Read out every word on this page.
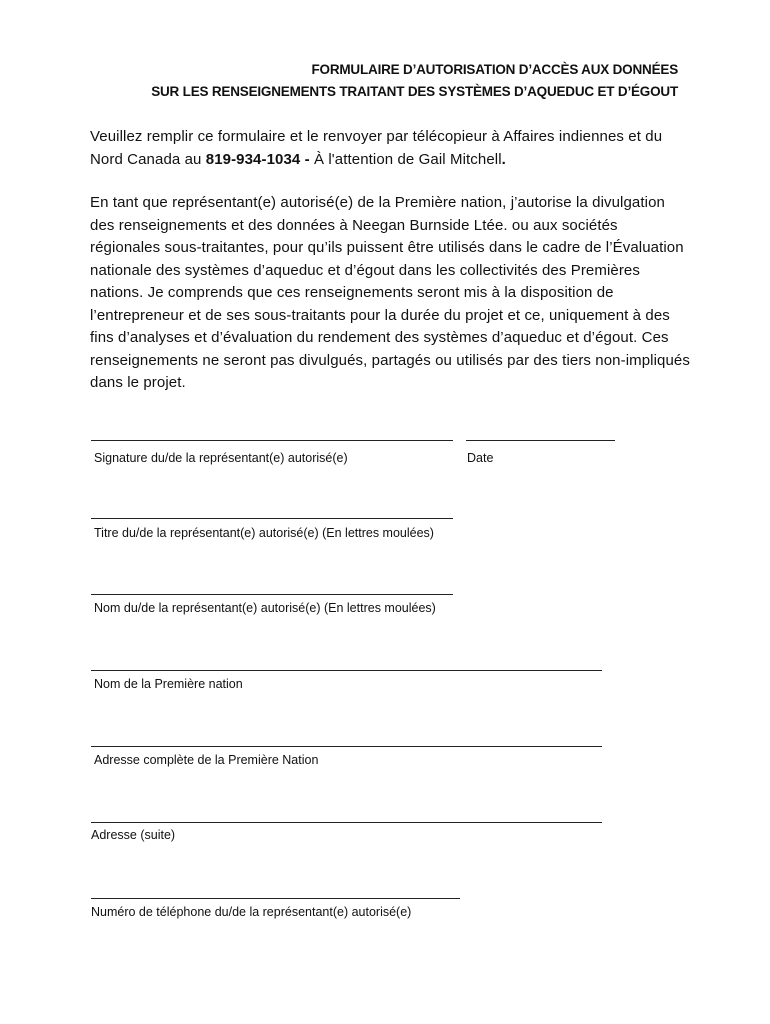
FORMULAIRE D’AUTORISATION D’ACCÈS AUX DONNÉES
SUR LES RENSEIGNEMENTS TRAITANT DES SYSTÈMES D’AQUEDUC ET D’ÉGOUT
Veuillez remplir ce formulaire et le renvoyer par télécopieur à Affaires indiennes et du Nord Canada au 819-934-1034 - À l'attention de Gail Mitchell.
En tant que représentant(e) autorisé(e) de la Première nation, j’autorise la divulgation des renseignements et des données à Neegan Burnside Ltée. ou aux sociétés régionales sous-traitantes, pour qu’ils puissent être utilisés dans le cadre de l’Évaluation nationale des systèmes d’aqueduc et d’égout dans les collectivités des Premières nations. Je comprends que ces renseignements seront mis à la disposition de l’entrepreneur et de ses sous-traitants pour la durée du projet et ce, uniquement à des fins d’analyses et d’évaluation du rendement des systèmes d’aqueduc et d’égout. Ces renseignements ne seront pas divulgués, partagés ou utilisés par des tiers non-impliqués dans le projet.
Signature du/de la représentant(e) autorisé(e)	Date
Titre du/de la représentant(e) autorisé(e) (En lettres moulées)
Nom du/de la représentant(e) autorisé(e) (En lettres moulées)
Nom de la Première nation
Adresse complète de la Première Nation
Adresse (suite)
Numéro de téléphone du/de la représentant(e) autorisé(e)
